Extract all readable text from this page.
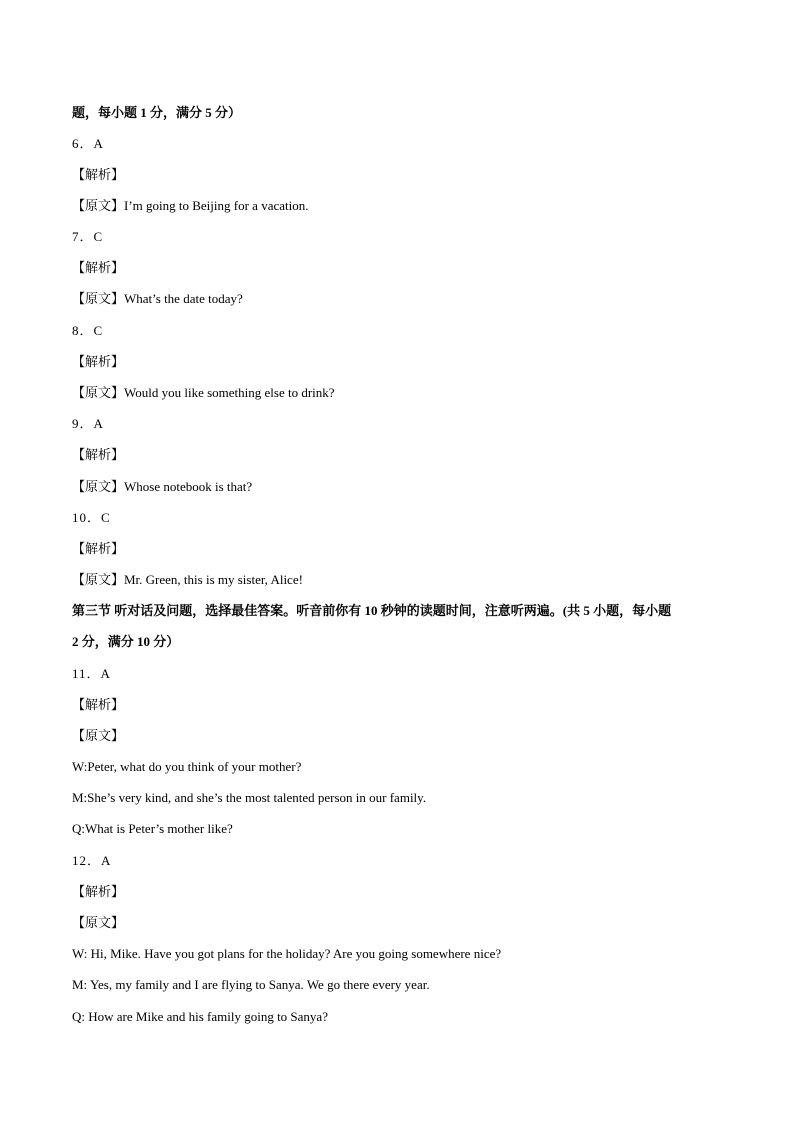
题，每小题 1 分，满分 5 分）
6．A
【解析】
【原文】I’m going to Beijing for a vacation.
7．C
【解析】
【原文】What’s the date today?
8．C
【解析】
【原文】Would you like something else to drink?
9．A
【解析】
【原文】Whose notebook is that?
10．C
【解析】
【原文】Mr. Green, this is my sister, Alice!
第三节 听对话及问题，选择最佳答案。听音前你有 10 秒钟的读题时间，注意听两遍。(共 5 小题，每小题
2 分，满分 10 分）
11．A
【解析】
【原文】
W:Peter, what do you think of your mother?
M:She’s very kind, and she’s the most talented person in our family.
Q:What is Peter’s mother like?
12．A
【解析】
【原文】
W: Hi, Mike. Have you got plans for the holiday? Are you going somewhere nice?
M: Yes, my family and I are flying to Sanya. We go there every year.
Q: How are Mike and his family going to Sanya?
